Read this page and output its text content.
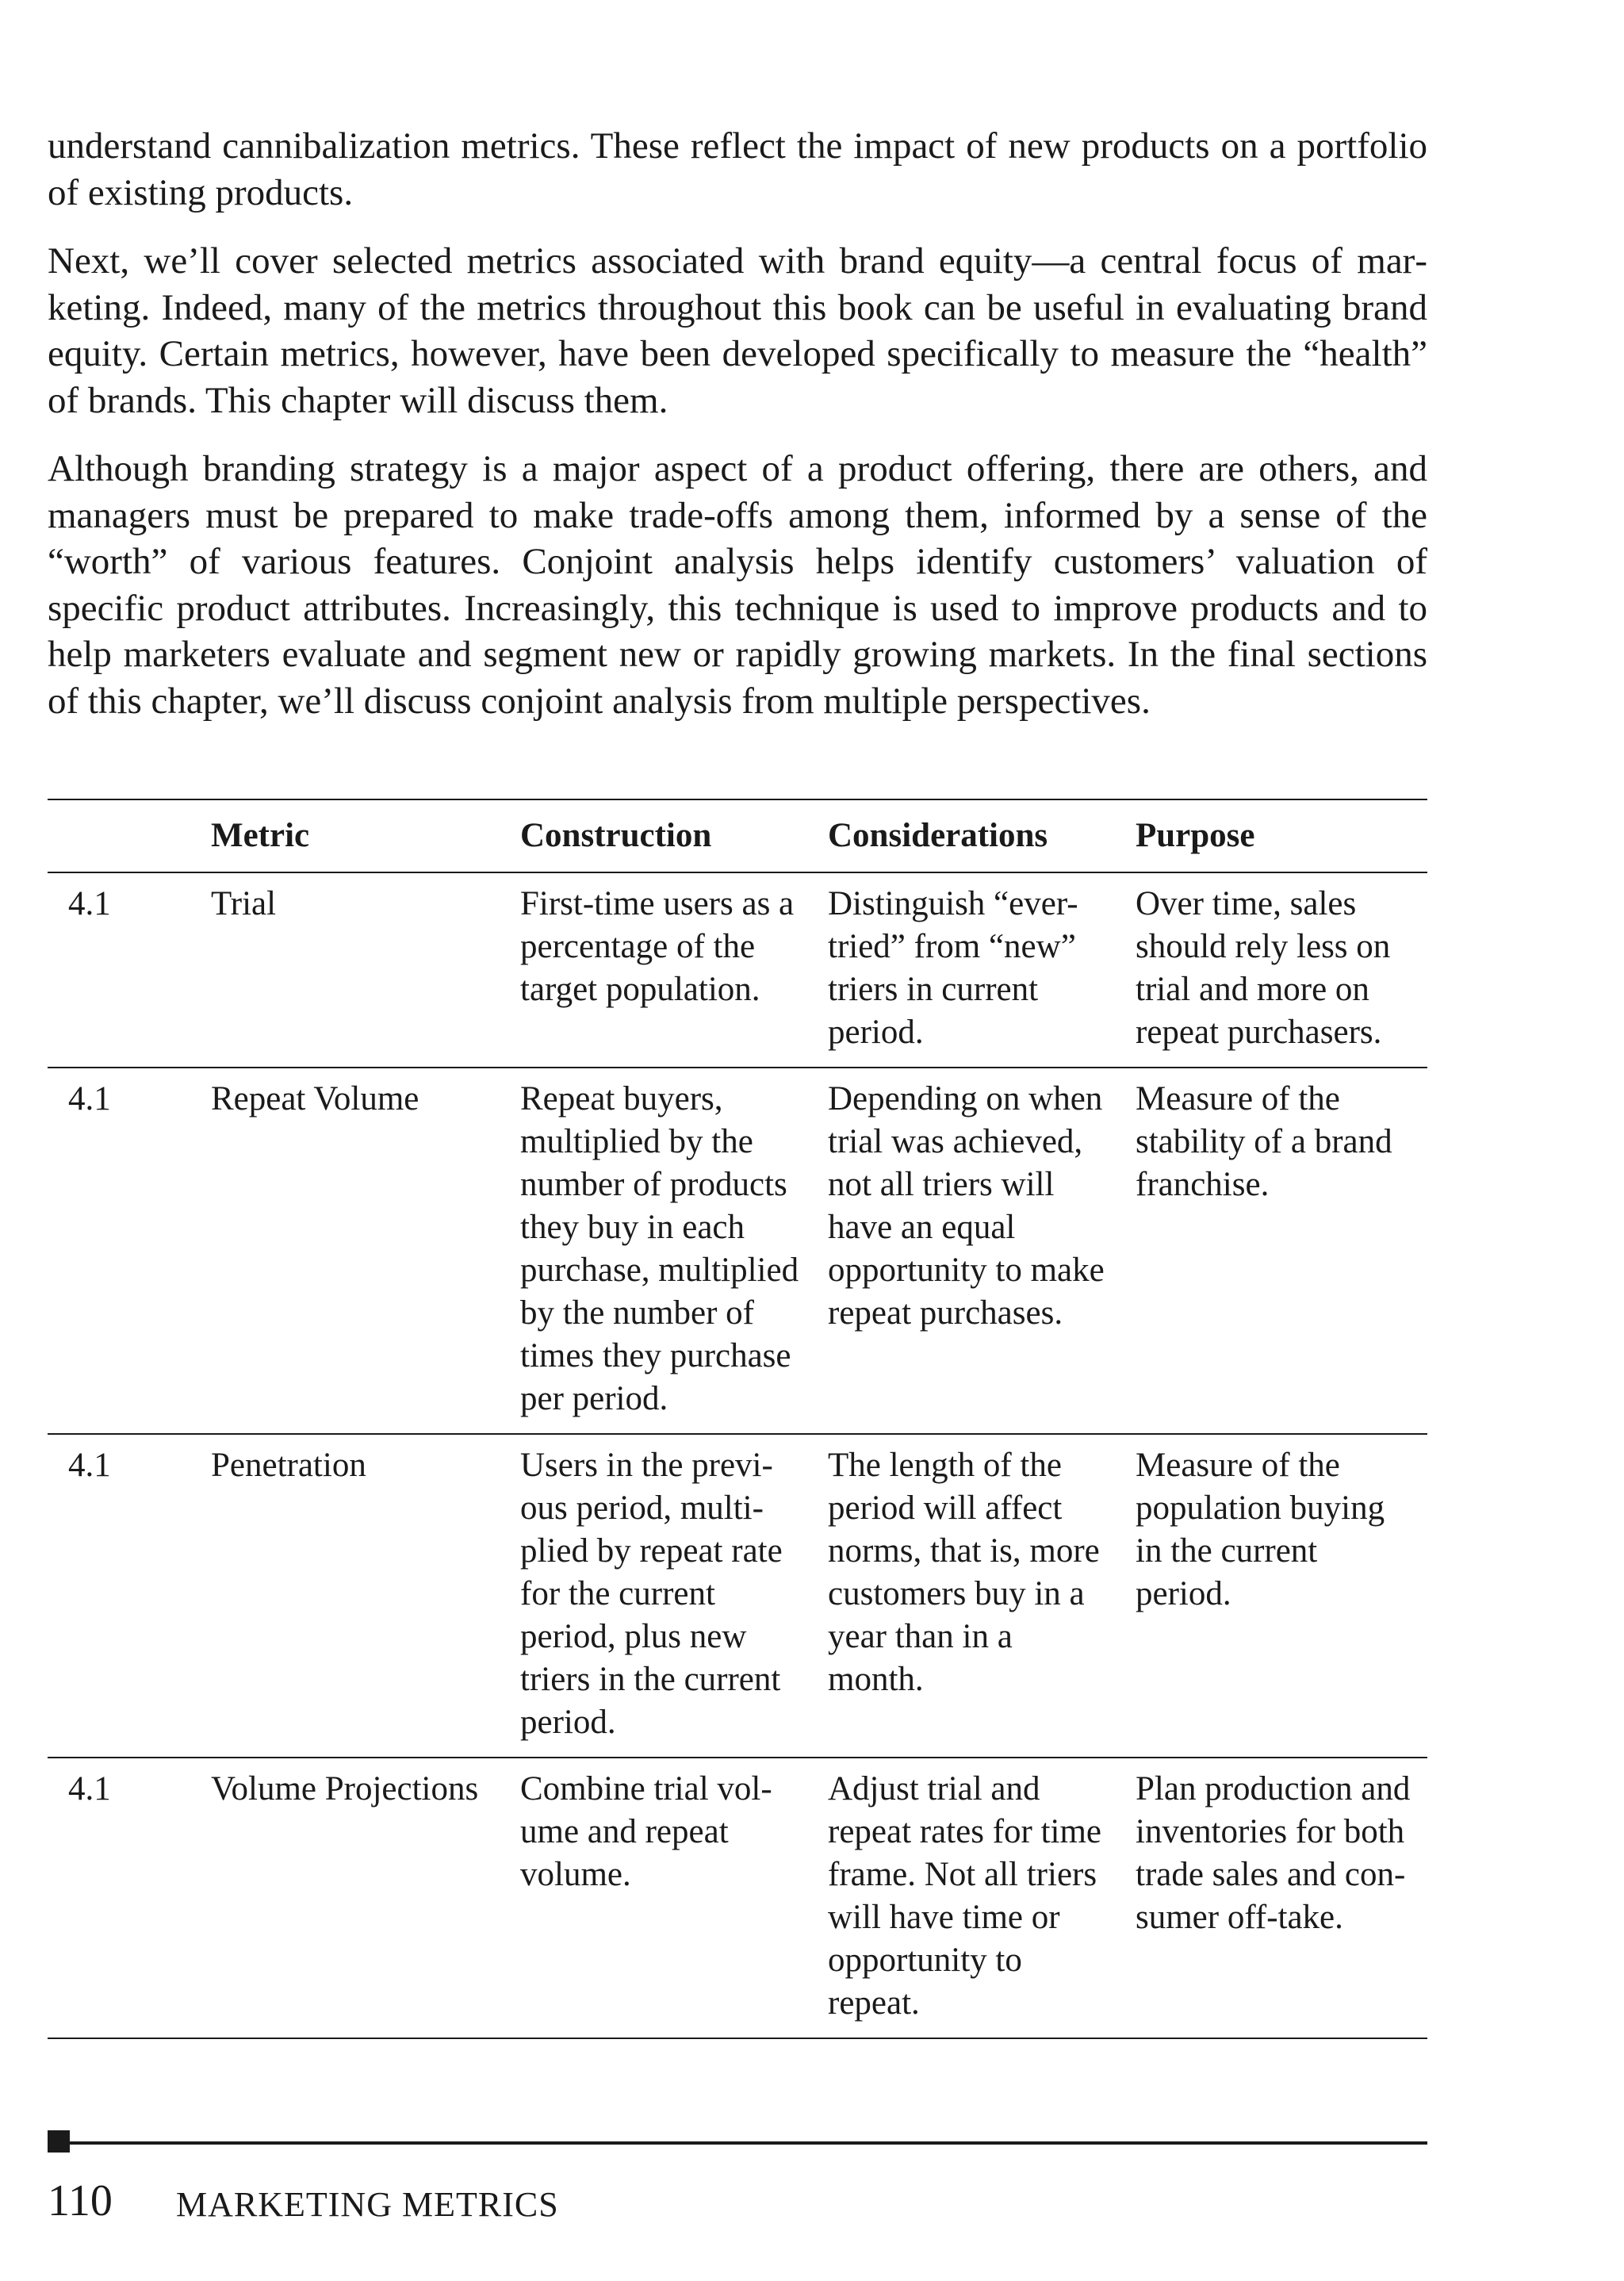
understand cannibalization metrics. These reflect the impact of new products on a portfolio of existing products.

Next, we’ll cover selected metrics associated with brand equity—a central focus of marketing. Indeed, many of the metrics throughout this book can be useful in evaluating brand equity. Certain metrics, however, have been developed specifically to measure the “health” of brands. This chapter will discuss them.

Although branding strategy is a major aspect of a product offering, there are others, and managers must be prepared to make trade-offs among them, informed by a sense of the “worth” of various features. Conjoint analysis helps identify customers’ valuation of specific product attributes. Increasingly, this technique is used to improve products and to help marketers evaluate and segment new or rapidly growing markets. In the final sections of this chapter, we’ll discuss conjoint analysis from multiple perspectives.

	Metric	Construction	Considerations	Purpose
4.1	Trial	First-time users as a percentage of the target population.	Distinguish “ever-tried” from “new” triers in current period.	Over time, sales should rely less on trial and more on repeat purchasers.
4.1	Repeat Volume	Repeat buyers, multiplied by the number of products they buy in each purchase, multiplied by the number of times they purchase per period.	Depending on when trial was achieved, not all triers will have an equal opportunity to make repeat purchases.	Measure of the stability of a brand franchise.
4.1	Penetration	Users in the previous period, multiplied by repeat rate for the current period, plus new triers in the current period.	The length of the period will affect norms, that is, more customers buy in a year than in a month.	Measure of the population buying in the current period.
4.1	Volume Projections	Combine trial volume and repeat volume.	Adjust trial and repeat rates for time frame. Not all triers will have time or opportunity to repeat.	Plan production and inventories for both trade sales and consumer off-take.
110 MARKETING METRICS
